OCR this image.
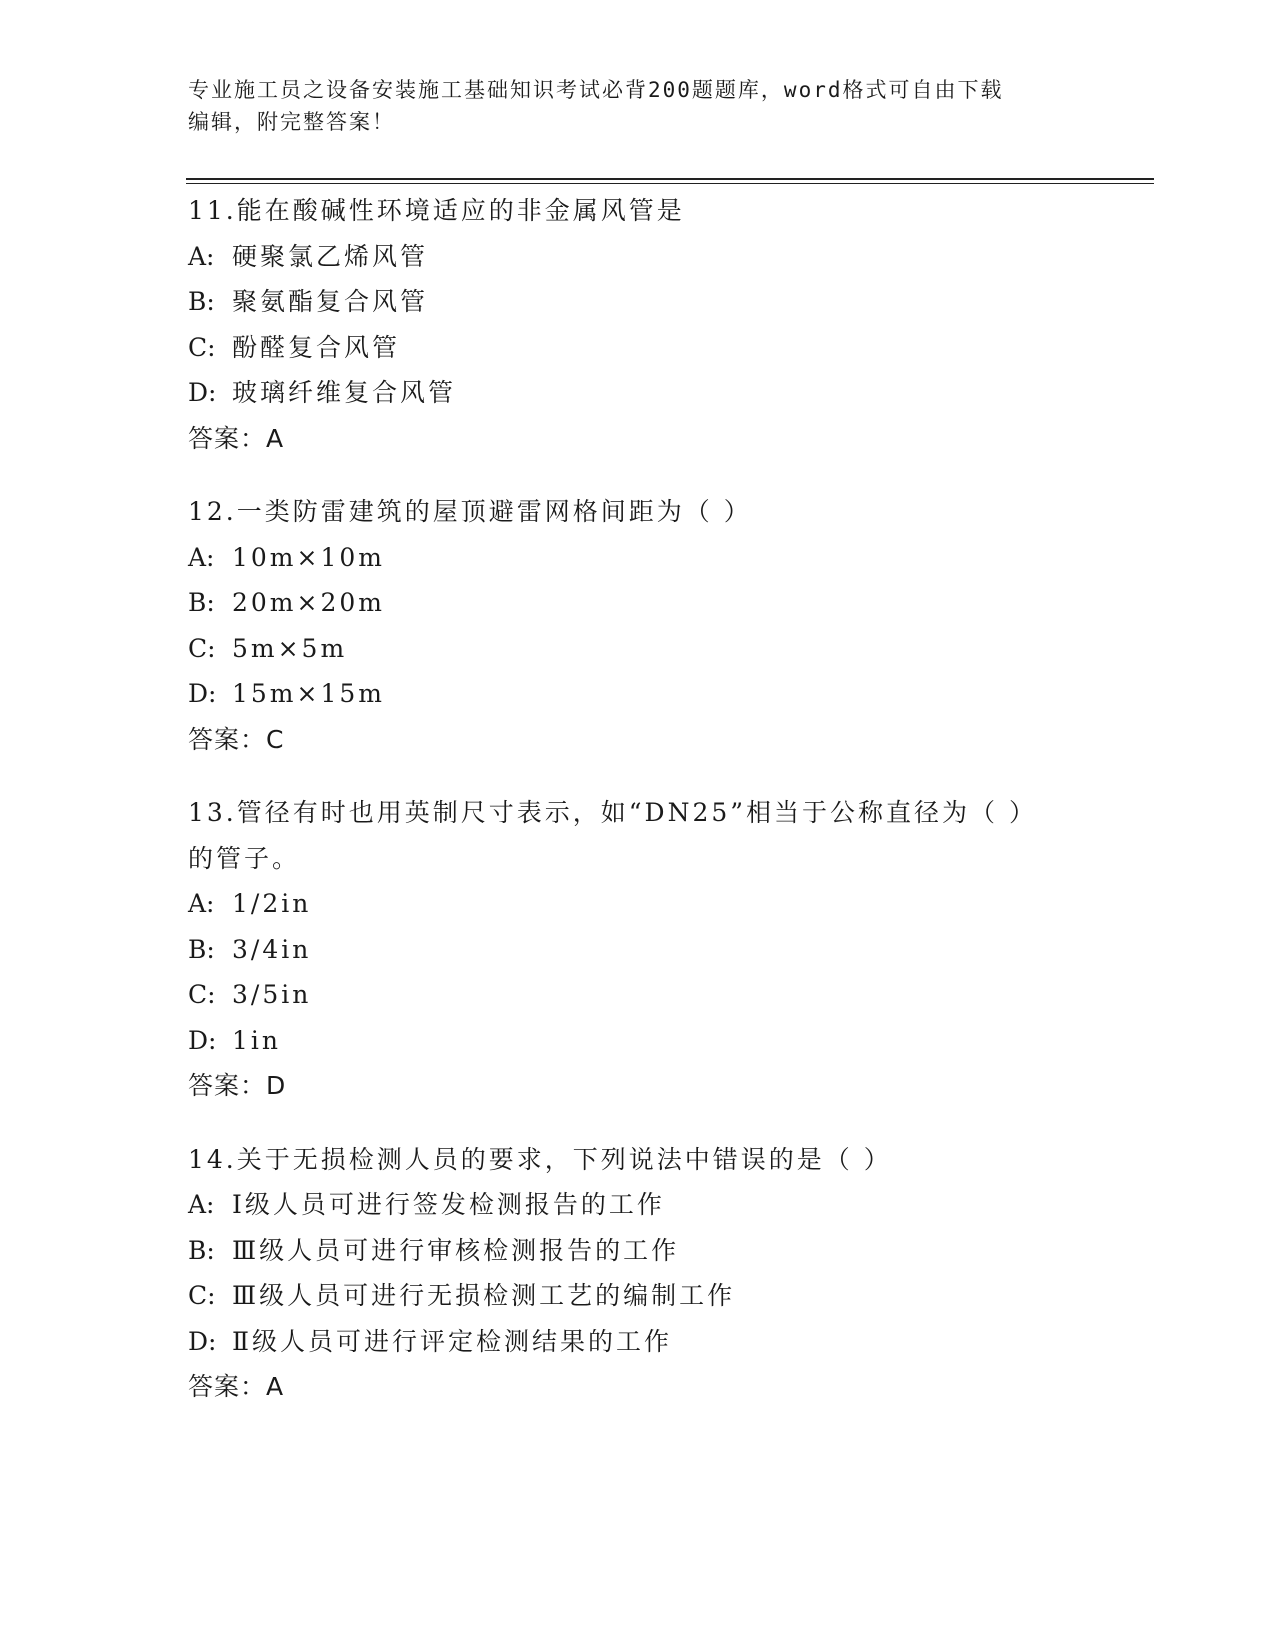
专业施工员之设备安装施工基础知识考试必背200题题库，word格式可自由下载
编辑，附完整答案！
11.能在酸碱性环境适应的非金属风管是
A: 硬聚氯乙烯风管
B: 聚氨酯复合风管
C: 酚醛复合风管
D: 玻璃纤维复合风管
答案：A
12.一类防雷建筑的屋顶避雷网格间距为（ ）
A: 10m×10m
B: 20m×20m
C: 5m×5m
D: 15m×15m
答案：C
13.管径有时也用英制尺寸表示，如“DN25”相当于公称直径为（ ）
的管子。
A: 1/2in
B: 3/4in
C: 3/5in
D: 1in
答案：D
14.关于无损检测人员的要求，下列说法中错误的是（ ）
A: Ⅰ级人员可进行签发检测报告的工作
B: Ⅲ级人员可进行审核检测报告的工作
C: Ⅲ级人员可进行无损检测工艺的编制工作
D: Ⅱ级人员可进行评定检测结果的工作
答案：A
